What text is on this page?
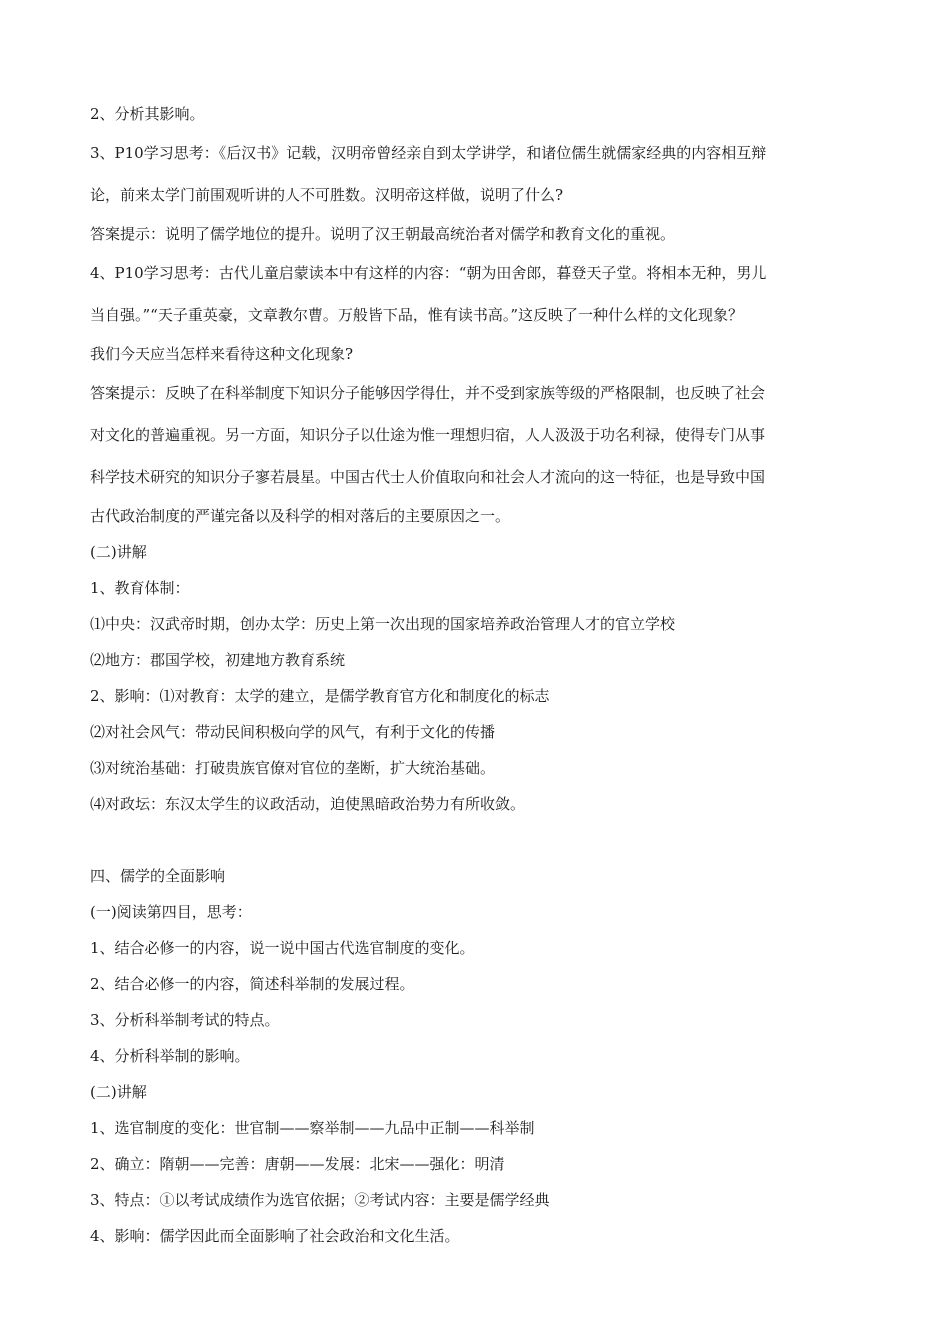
2、分析其影响。
3、P10学习思考：《后汉书》记载，汉明帝曾经亲自到太学讲学，和诸位儒生就儒家经典的内容相互辩
论，前来太学门前围观听讲的人不可胜数。汉明帝这样做，说明了什么?
答案提示：说明了儒学地位的提升。说明了汉王朝最高统治者对儒学和教育文化的重视。
4、P10学习思考：古代儿童启蒙读本中有这样的内容：“朝为田舍郎，暮登天子堂。将相本无种，男儿
当自强。”“天子重英豪，文章教尔曹。万般皆下品，惟有读书高。”这反映了一种什么样的文化现象？
我们今天应当怎样来看待这种文化现象?
答案提示：反映了在科举制度下知识分子能够因学得仕，并不受到家族等级的严格限制，也反映了社会
对文化的普遍重视。另一方面，知识分子以仕途为惟一理想归宿，人人汲汲于功名利禄，使得专门从事
科学技术研究的知识分子寥若晨星。中国古代士人价值取向和社会人才流向的这一特征，也是导致中国
古代政治制度的严谨完备以及科学的相对落后的主要原因之一。
(二)讲解
1、教育体制：
⑴中央：汉武帝时期，创办太学：历史上第一次出现的国家培养政治管理人才的官立学校
⑵地方：郡国学校，初建地方教育系统
2、影响：⑴对教育：太学的建立，是儒学教育官方化和制度化的标志
⑵对社会风气：带动民间积极向学的风气，有利于文化的传播
⑶对统治基础：打破贵族官僚对官位的垄断，扩大统治基础。
⑷对政坛：东汉太学生的议政活动，迫使黑暗政治势力有所收敛。
四、儒学的全面影响
(一)阅读第四目，思考：
1、结合必修一的内容，说一说中国古代选官制度的变化。
2、结合必修一的内容，简述科举制的发展过程。
3、分析科举制考试的特点。
4、分析科举制的影响。
(二)讲解
1、选官制度的变化：世官制——察举制——九品中正制——科举制
2、确立：隋朝——完善：唐朝——发展：北宋——强化：明清
3、特点：①以考试成绩作为选官依据；②考试内容：主要是儒学经典
4、影响：儒学因此而全面影响了社会政治和文化生活。
